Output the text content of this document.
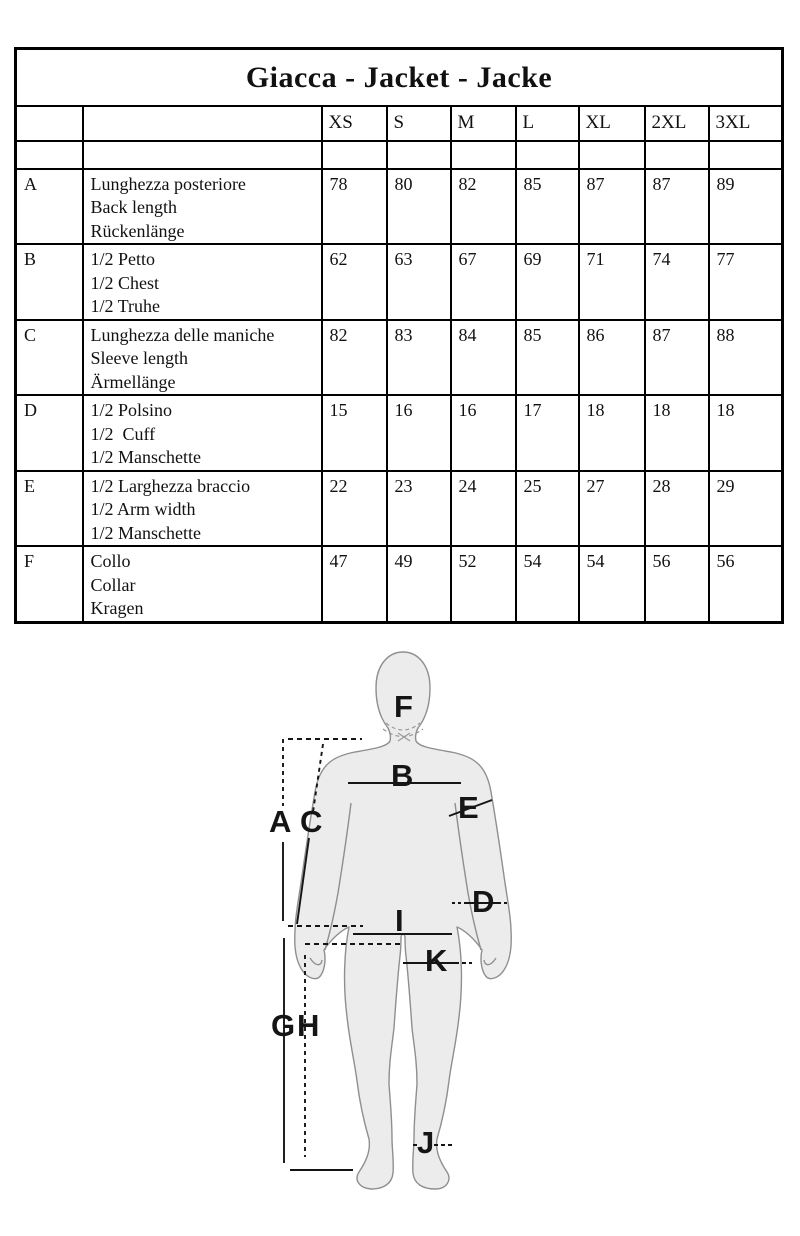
Giacca - Jacket - Jacke								
		XS	S	M	L	XL	2XL	3XL

A	Lunghezza posteriore
Back length
Rückenlänge	78	80	82	85	87	87	89
B	1/2 Petto
1/2 Chest
1/2 Truhe	62	63	67	69	71	74	77
C	Lunghezza delle maniche
Sleeve length
Ärmellänge	82	83	84	85	86	87	88
D	1/2 Polsino
1/2  Cuff
1/2 Manschette	15	16	16	17	18	18	18
E	1/2 Larghezza braccio
1/2 Arm width
1/2 Manschette	22	23	24	25	27	28	29
F	Collo
Collar
Kragen	47	49	52	54	54	56	56
F
B
E
A C
D
I
K
G H
J
